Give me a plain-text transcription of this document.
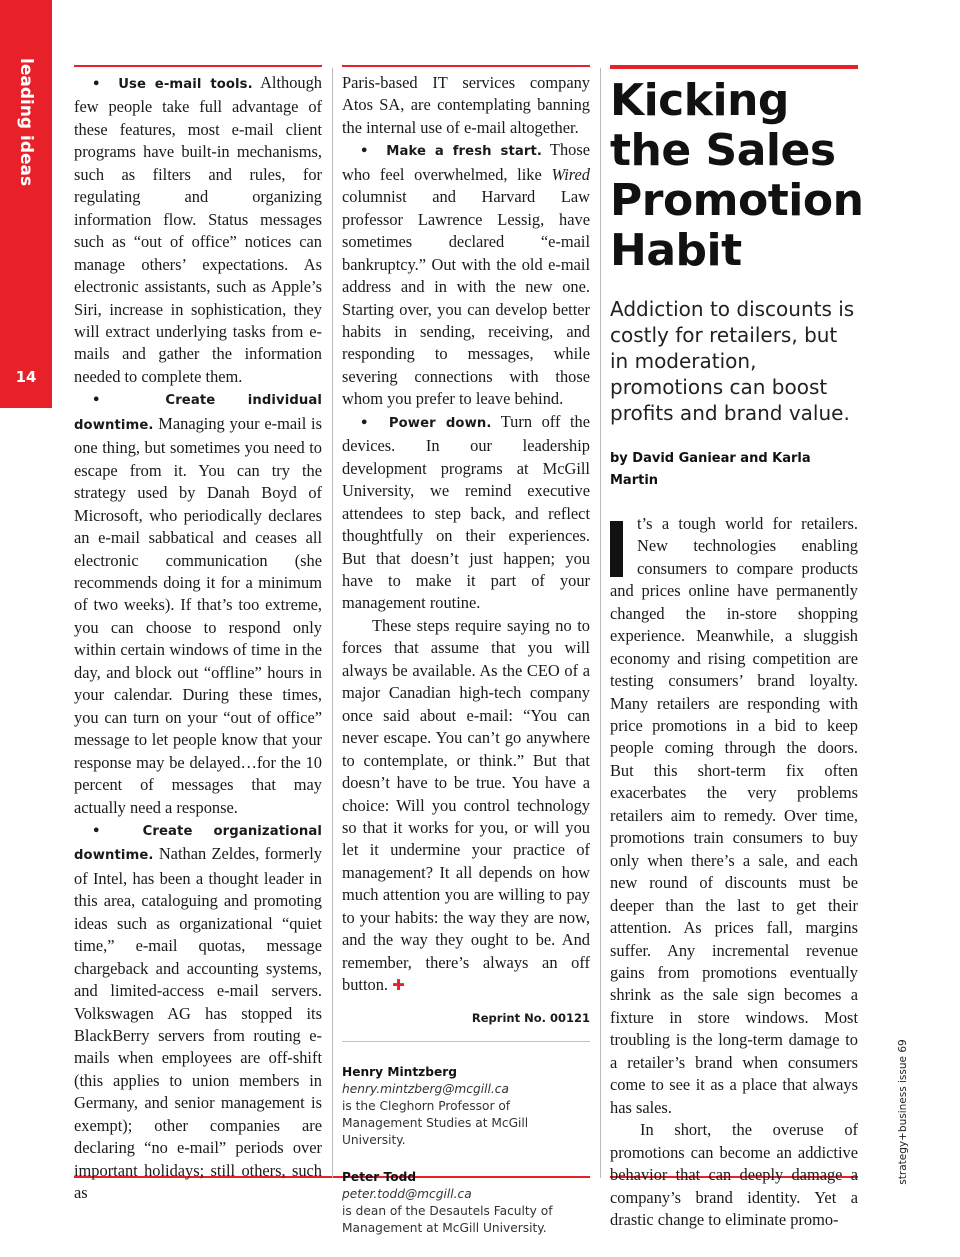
leading ideas
14
strategy+business issue 69

•  Use e-mail tools. Although few people take full advantage of these features, most e-mail client programs have built-in mechanisms, such as filters and rules, for regulating and organizing information flow. Status messages such as “out of office” notices can manage others’ expectations. As electronic assistants, such as Apple’s Siri, increase in sophistication, they will extract underlying tasks from e-mails and gather the information needed to complete them.

•  Create individual downtime. Managing your e-mail is one thing, but sometimes you need to escape from it. You can try the strategy used by Danah Boyd of Microsoft, who periodically declares an e-mail sabbatical and ceases all electronic communication (she recommends doing it for a minimum of two weeks). If that’s too extreme, you can choose to respond only within certain windows of time in the day, and block out “offline” hours in your calendar. During these times, you can turn on your “out of office” message to let people know that your response may be delayed…for the 10 percent of messages that may actually need a response.

•  Create organizational downtime. Nathan Zeldes, formerly of Intel, has been a thought leader in this area, cataloguing and promoting ideas such as organizational “quiet time,” e-mail quotas, message chargeback and accounting systems, and limited-access e-mail servers. Volkswagen AG has stopped its BlackBerry servers from routing e-mails when employees are off-shift (this applies to union members in Germany, and senior management is exempt); other companies are declaring “no e-mail” periods over important holidays; still others, such as

Paris-based IT services company Atos SA, are contemplating banning the internal use of e-mail altogether.

•  Make a fresh start. Those who feel overwhelmed, like Wired columnist and Harvard Law professor Lawrence Lessig, have sometimes declared “e-mail bankruptcy.” Out with the old e-mail address and in with the new one. Starting over, you can develop better habits in sending, receiving, and responding to messages, while severing connections with those whom you prefer to leave behind.

•  Power down. Turn off the devices. In our leadership development programs at McGill University, we remind executive attendees to step back, and reflect thoughtfully on their experiences. But that doesn’t just happen; you have to make it part of your management routine.

These steps require saying no to forces that assume that you will always be available. As the CEO of a major Canadian high-tech company once said about e-mail: “You can never escape. You can’t go anywhere to contemplate, or think.” But that doesn’t have to be true. You have a choice: Will you control technology so that it works for you, or will you let it undermine your practice of management? It all depends on how much attention you are willing to pay to your habits: the way they are now, and the way they ought to be. And remember, there’s always an off button. ✚

Reprint No. 00121
Henry Mintzberg
henry.mintzberg@mcgill.ca
is the Cleghorn Professor of Management Studies at McGill University.
Peter Todd
peter.todd@mcgill.ca
is dean of the Desautels Faculty of Management at McGill University.
Kicking the Sales Promotion Habit
Addiction to discounts is costly for retailers, but in moderation, promotions can boost profits and brand value.
by David Ganiear and Karla Martin

t’s a tough world for retailers. New technologies enabling consumers to compare products and prices online have permanently changed the in-store shopping experience. Meanwhile, a sluggish economy and rising competition are testing consumers’ brand loyalty. Many retailers are responding with price promotions in a bid to keep people coming through the doors. But this short-term fix often exacerbates the very problems retailers aim to remedy. Over time, promotions train consumers to buy only when there’s a sale, and each new round of discounts must be deeper than the last to get their attention. As prices fall, margins suffer. Any incremental revenue gains from promotions eventually shrink as the sale sign becomes a fixture in store windows. Most troubling is the long-term damage to a retailer’s brand when consumers come to see it as a place that always has sales.

In short, the overuse of promotions can become an addictive behavior that can deeply damage a company’s brand identity. Yet a drastic change to eliminate promo-
